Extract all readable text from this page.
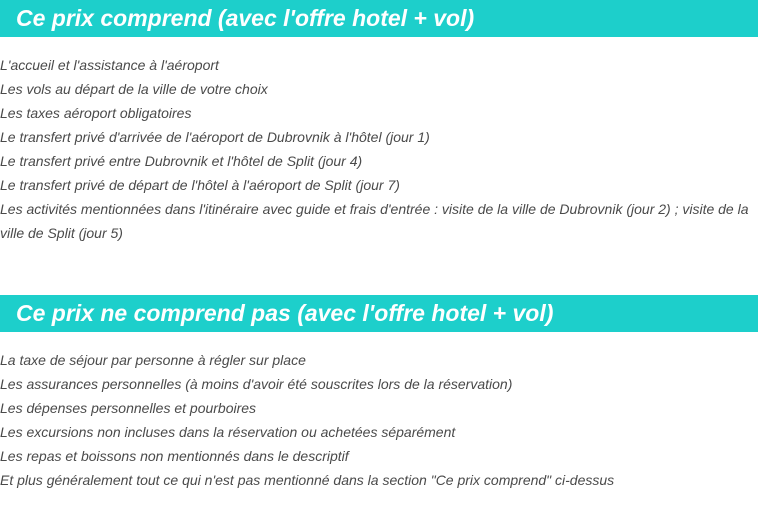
Ce prix comprend (avec l'offre hotel + vol)
L'accueil et l'assistance à l'aéroport
Les vols au départ de la ville de votre choix
Les taxes aéroport obligatoires
Le transfert privé d'arrivée de l'aéroport de Dubrovnik à l'hôtel (jour 1)
Le transfert privé entre Dubrovnik et l'hôtel de Split (jour 4)
Le transfert privé de départ de l'hôtel à l'aéroport de Split (jour 7)
Les activités mentionnées dans l'itinéraire avec guide et frais d'entrée : visite de la ville de Dubrovnik (jour 2) ; visite de la ville de Split (jour 5)
Ce prix ne comprend pas (avec l'offre hotel + vol)
La taxe de séjour par personne à régler sur place
Les assurances personnelles (à moins d'avoir été souscrites lors de la réservation)
Les dépenses personnelles et pourboires
Les excursions non incluses dans la réservation ou achetées séparément
Les repas et boissons non mentionnés dans le descriptif
Et plus généralement tout ce qui n'est pas mentionné dans la section "Ce prix comprend" ci-dessus
